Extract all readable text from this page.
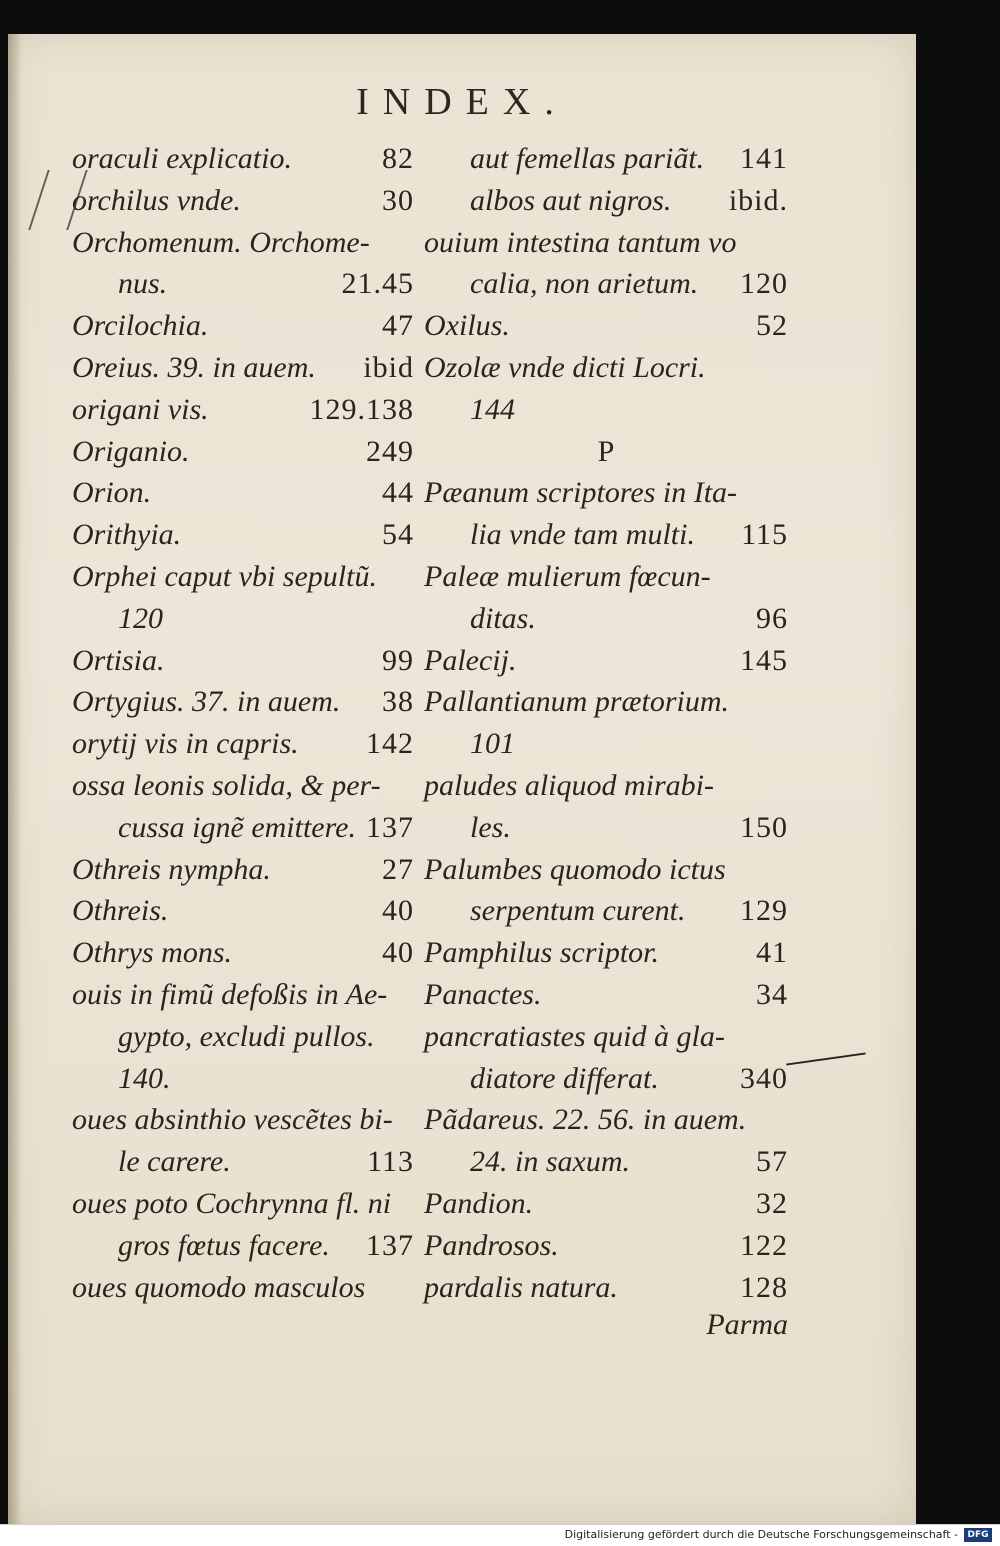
INDEX.
oraculi explicatio.	82
orchilus vnde.	30
Orchomenum. Orchome-
nus.	21.45
Orcilochia.	47
Oreius. 39. in auem. ibid
origani vis.	129.138
Origanio.	249
Orion.	44
Orithyia.	54
Orphei caput vbi sepultũ.
120
Ortisia.	99
Ortygius. 37. in auem. 38
orytij vis in capris. 142
ossa leonis solida, & per-
cussa ignẽ emittere. 137
Othreis nympha.	27
Othreis.	40
Othrys mons.	40
ouis in fimũ defoßis in Ae-
gypto, excludi pullos.
140.
oues absinthio vescẽtes bi-
le carere.	113
oues poto Cochrynna fl. ni
gros fœtus facere. 137
oues quomodo masculos
aut femellas pariãt. 141
albos aut nigros. ibid.
ouium intestina tantum vo
calia, non arietum. 120
Oxilus.	52
Ozolæ vnde dicti Locri.
144
P
Pæanum scriptores in Ita-
lia vnde tam multi. 115
Paleæ mulierum fœcun-
ditas.	96
Palecij.	145
Pallantianum prætorium.
101
paludes aliquod mirabi-
les.	150
Palumbes quomodo ictus
serpentum curent. 129
Pamphilus scriptor.	41
Panactes.	34
pancratiastes quid à gla-
diatore differat.	340
Pãdareus. 22. 56. in auem.
24. in saxum.	57
Pandion.	32
Pandrosos.	122
pardalis natura.	128
Parma
Digitalisierung gefördert durch die Deutsche Forschungsgemeinschaft -	DFG
